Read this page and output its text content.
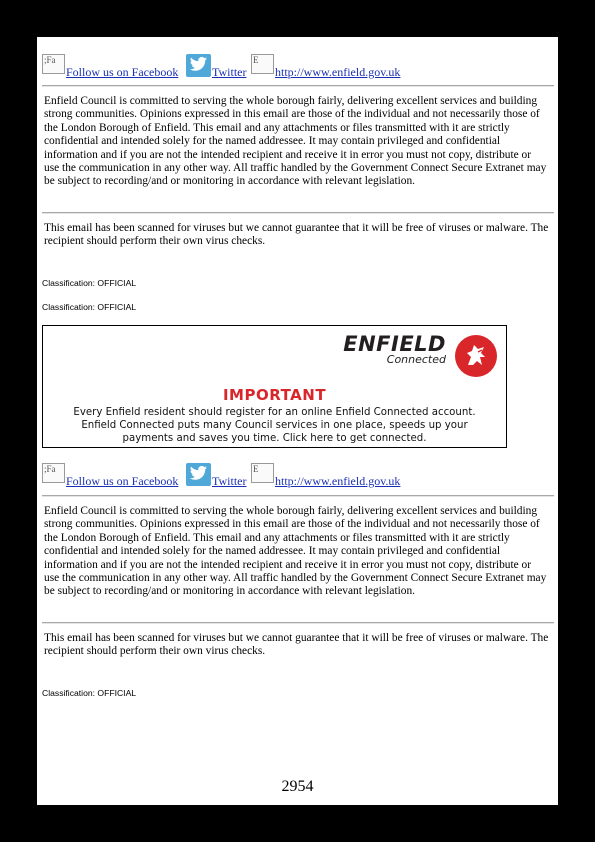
;Fa
Follow us on Facebook	Twitter
E
http://www.enfield.gov.uk
Enfield Council is committed to serving the whole borough fairly, delivering excellent services and building strong communities. Opinions expressed in this email are those of the individual and not necessarily those of the London Borough of Enfield. This email and any attachments or files transmitted with it are strictly confidential and intended solely for the named addressee. It may contain privileged and confidential information and if you are not the intended recipient and receive it in error you must not copy, distribute or use the communication in any other way. All traffic handled by the Government Connect Secure Extranet may be subject to recording/and or monitoring in accordance with relevant legislation.
This email has been scanned for viruses but we cannot guarantee that it will be free of viruses or malware. The recipient should perform their own virus checks.
Classification: OFFICIAL
Classification: OFFICIAL
ENFIELD
Connected
IMPORTANT
Every Enfield resident should register for an online Enfield Connected account.
Enfield Connected puts many Council services in one place, speeds up your
payments and saves you time. Click here to get connected.
;Fa
Follow us on Facebook	Twitter
E
http://www.enfield.gov.uk
Enfield Council is committed to serving the whole borough fairly, delivering excellent services and building strong communities. Opinions expressed in this email are those of the individual and not necessarily those of the London Borough of Enfield. This email and any attachments or files transmitted with it are strictly confidential and intended solely for the named addressee. It may contain privileged and confidential information and if you are not the intended recipient and receive it in error you must not copy, distribute or use the communication in any other way. All traffic handled by the Government Connect Secure Extranet may be subject to recording/and or monitoring in accordance with relevant legislation.
This email has been scanned for viruses but we cannot guarantee that it will be free of viruses or malware. The recipient should perform their own virus checks.
Classification: OFFICIAL
2954
